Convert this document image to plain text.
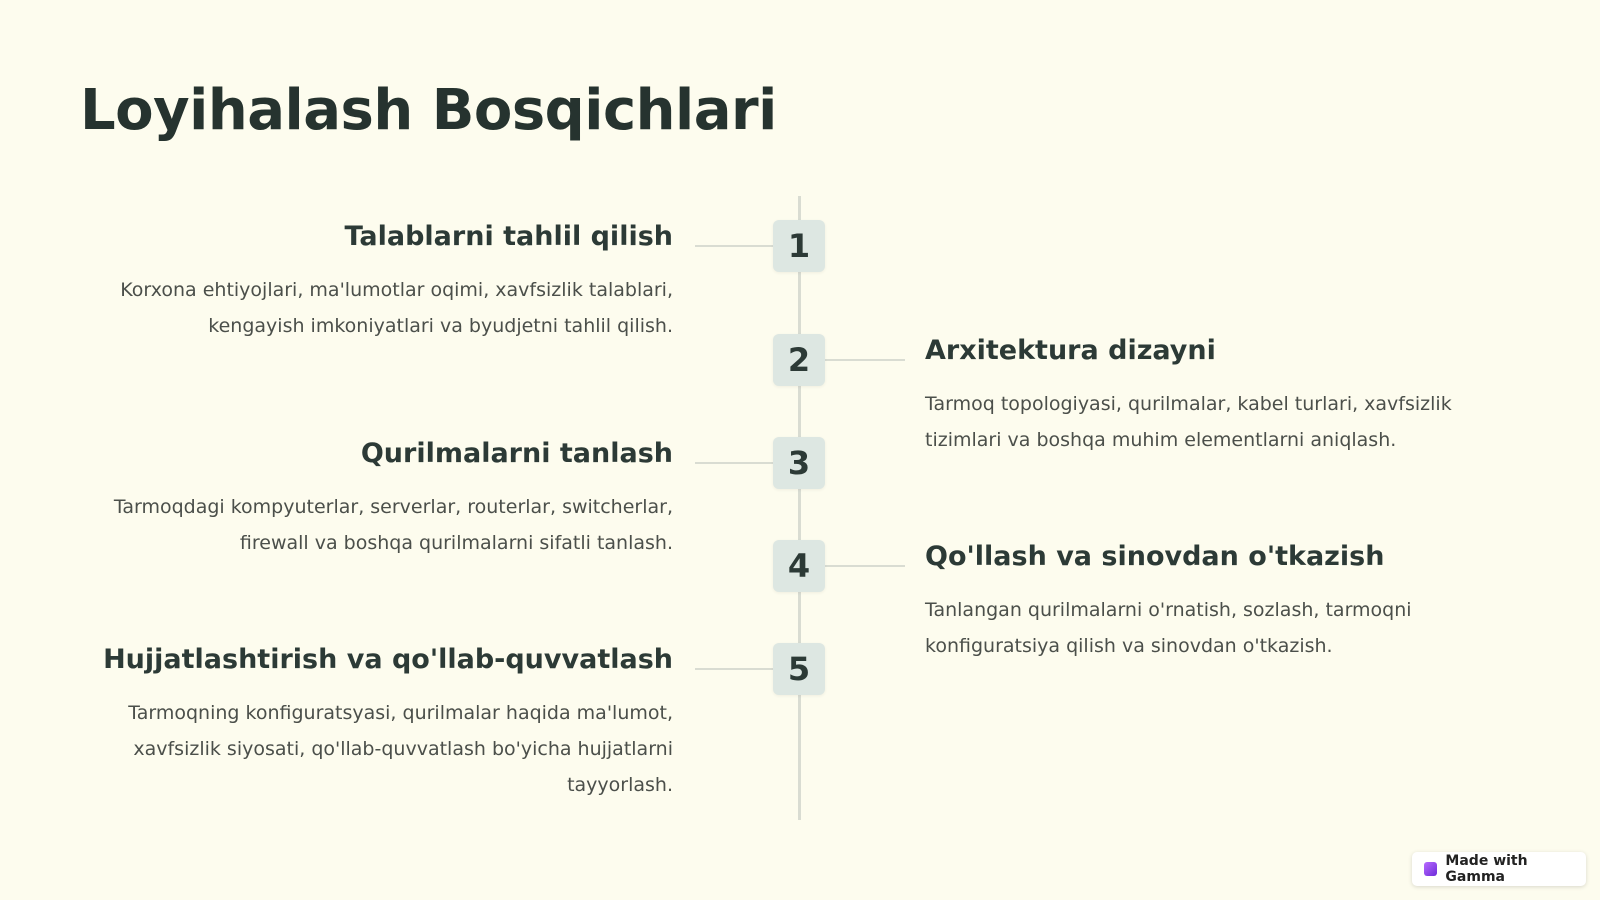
Loyihalash Bosqichlari
1
2
3
4
5
Talablarni tahlil qilish
Korxona ehtiyojlari, ma'lumotlar oqimi, xavfsizlik talablari, kengayish imkoniyatlari va byudjetni tahlil qilish.
Arxitektura dizayni
Tarmoq topologiyasi, qurilmalar, kabel turlari, xavfsizlik tizimlari va boshqa muhim elementlarni aniqlash.
Qurilmalarni tanlash
Tarmoqdagi kompyuterlar, serverlar, routerlar, switcherlar, firewall va boshqa qurilmalarni sifatli tanlash.	Qo'llash va sinovdan o'tkazish
Tanlangan qurilmalarni o'rnatish, sozlash, tarmoqni konfiguratsiya qilish va sinovdan o'tkazish.
Hujjatlashtirish va qo'llab-quvvatlash
Tarmoqning konfiguratsyasi, qurilmalar haqida ma'lumot, xavfsizlik siyosati, qo'llab-quvvatlash bo'yicha hujjatlarni tayyorlash.
Made with Gamma
